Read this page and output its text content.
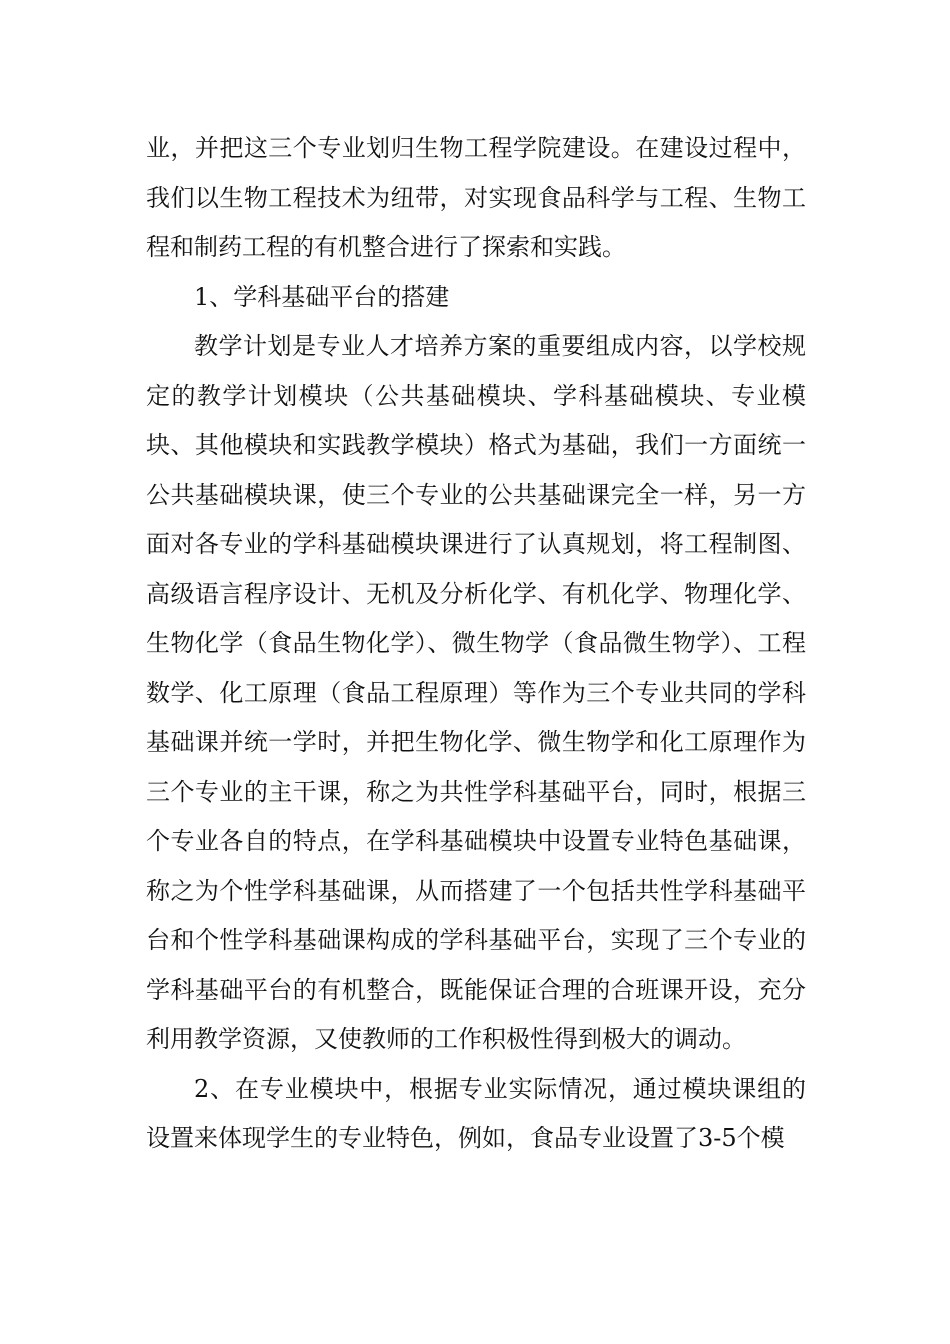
业，并把这三个专业划归生物工程学院建设。在建设过程中，我们以生物工程技术为纽带，对实现食品科学与工程、生物工程和制药工程的有机整合进行了探索和实践。

1、学科基础平台的搭建

教学计划是专业人才培养方案的重要组成内容，以学校规定的教学计划模块（公共基础模块、学科基础模块、专业模块、其他模块和实践教学模块）格式为基础，我们一方面统一公共基础模块课，使三个专业的公共基础课完全一样，另一方面对各专业的学科基础模块课进行了认真规划，将工程制图、高级语言程序设计、无机及分析化学、有机化学、物理化学、生物化学（食品生物化学）、微生物学（食品微生物学）、工程数学、化工原理（食品工程原理）等作为三个专业共同的学科基础课并统一学时，并把生物化学、微生物学和化工原理作为三个专业的主干课，称之为共性学科基础平台，同时，根据三个专业各自的特点，在学科基础模块中设置专业特色基础课，称之为个性学科基础课，从而搭建了一个包括共性学科基础平台和个性学科基础课构成的学科基础平台，实现了三个专业的学科基础平台的有机整合，既能保证合理的合班课开设，充分利用教学资源，又使教师的工作积极性得到极大的调动。

2、在专业模块中，根据专业实际情况，通过模块课组的设置来体现学生的专业特色，例如，食品专业设置了3-5个模
